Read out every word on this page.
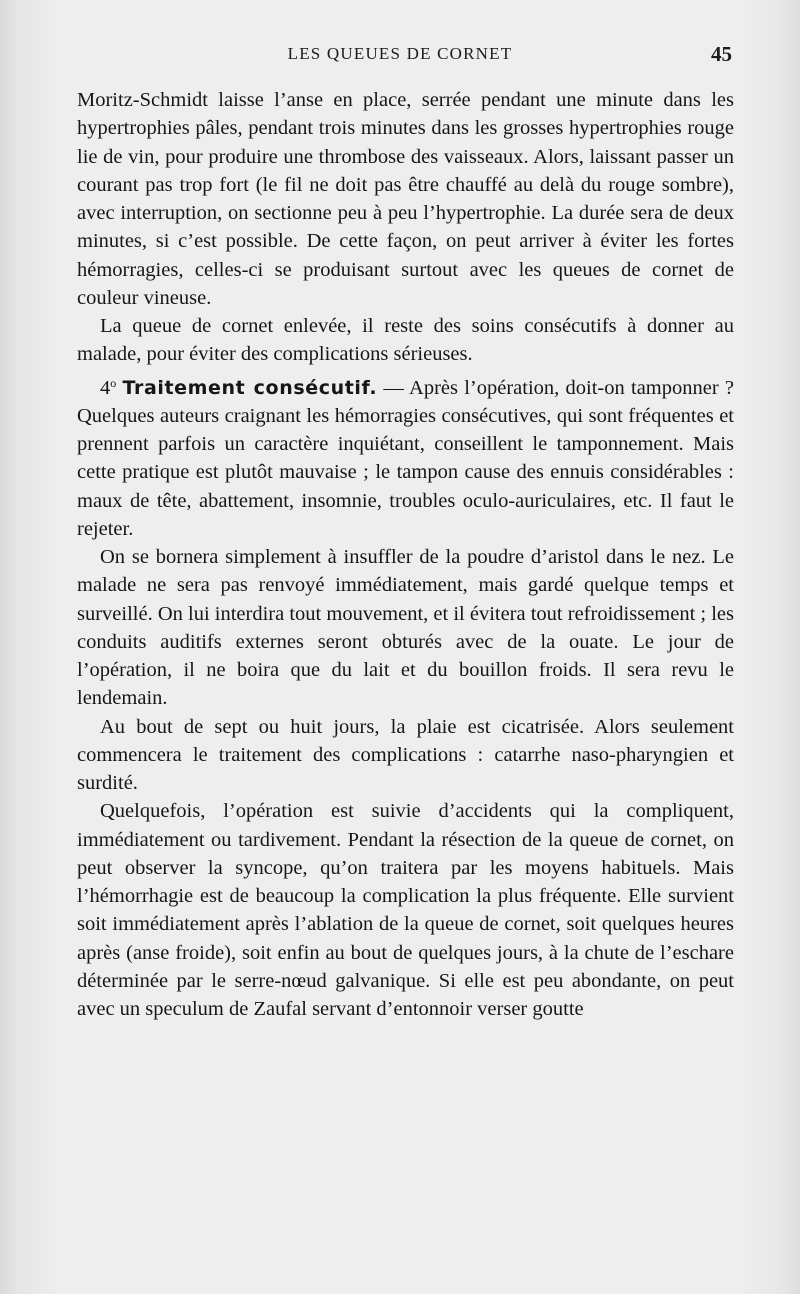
LES QUEUES DE CORNET	45

Moritz-Schmidt laisse l’anse en place, serrée pendant une minute dans les hypertrophies pâles, pendant trois minutes dans les grosses hypertrophies rouge lie de vin, pour produire une thrombose des vaisseaux. Alors, laissant passer un courant pas trop fort (le fil ne doit pas être chauffé au delà du rouge sombre), avec interruption, on sectionne peu à peu l’hypertrophie. La durée sera de deux minutes, si c’est possible. De cette façon, on peut arriver à éviter les fortes hémorragies, celles-ci se produisant surtout avec les queues de cornet de couleur vineuse.

La queue de cornet enlevée, il reste des soins consécutifs à donner au malade, pour éviter des complications sérieuses.

4$^o$ Traitement consécutif. — Après l’opération, doit-on tamponner ? Quelques auteurs craignant les hémorragies consécutives, qui sont fréquentes et prennent parfois un caractère inquiétant, conseillent le tamponnement. Mais cette pratique est plutôt mauvaise ; le tampon cause des ennuis considérables : maux de tête, abattement, insomnie, troubles oculo-auriculaires, etc. Il faut le rejeter.

On se bornera simplement à insuffler de la poudre d’aristol dans le nez. Le malade ne sera pas renvoyé immédiatement, mais gardé quelque temps et surveillé. On lui interdira tout mouvement, et il évitera tout refroidissement ; les conduits auditifs externes seront obturés avec de la ouate. Le jour de l’opération, il ne boira que du lait et du bouillon froids. Il sera revu le lendemain.

Au bout de sept ou huit jours, la plaie est cicatrisée. Alors seulement commencera le traitement des complications : catarrhe naso-pharyngien et surdité.

Quelquefois, l’opération est suivie d’accidents qui la compliquent, immédiatement ou tardivement. Pendant la résection de la queue de cornet, on peut observer la syncope, qu’on traitera par les moyens habituels. Mais l’hémorrhagie est de beaucoup la complication la plus fréquente. Elle survient soit immédiatement après l’ablation de la queue de cornet, soit quelques heures après (anse froide), soit enfin au bout de quelques jours, à la chute de l’eschare déterminée par le serre-nœud galvanique. Si elle est peu abondante, on peut avec un speculum de Zaufal servant d’entonnoir verser goutte
